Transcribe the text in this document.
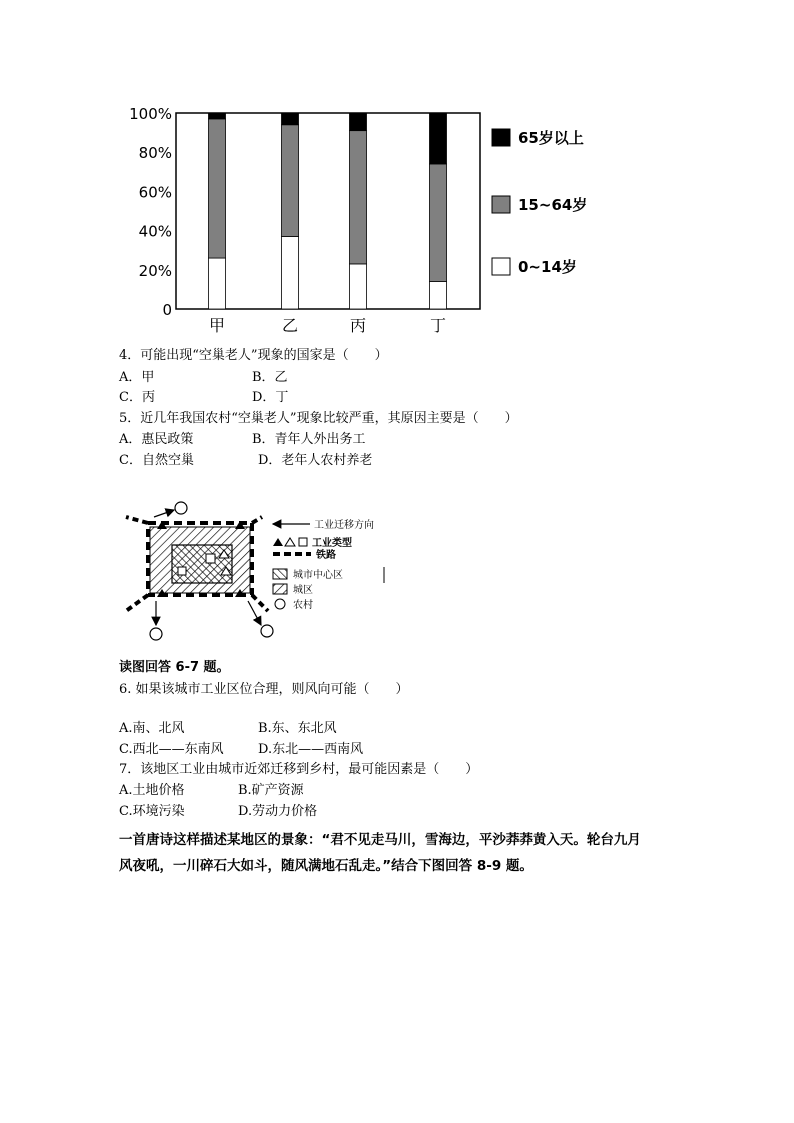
0
20%
40%
60%
80%
100%
甲	乙	丙	丁
65岁以上
15~64岁
0~14岁
4．可能出现“空巢老人”现象的国家是（　　）
A．甲	B．乙
C．丙	D．丁
5．近几年我国农村“空巢老人”现象比较严重，其原因主要是（　　）
A．惠民政策	B．青年人外出务工
C．自然空巢	D．老年人农村养老
工业迁移方向
工业类型
铁路
城市中心区
城区
农村
读图回答 6-7 题。
6. 如果该城市工业区位合理，则风向可能（　　）
A.南、北风	B.东、东北风
C.西北——东南风	D.东北——西南风
7．该地区工业由城市近郊迁移到乡村，最可能因素是（　　）
A.土地价格	B.矿产资源
C.环境污染	D.劳动力价格
一首唐诗这样描述某地区的景象：“君不见走马川，雪海边，平沙莽莽黄入天。轮台九月
风夜吼，一川碎石大如斗，随风满地石乱走。”结合下图回答 8-9 题。
